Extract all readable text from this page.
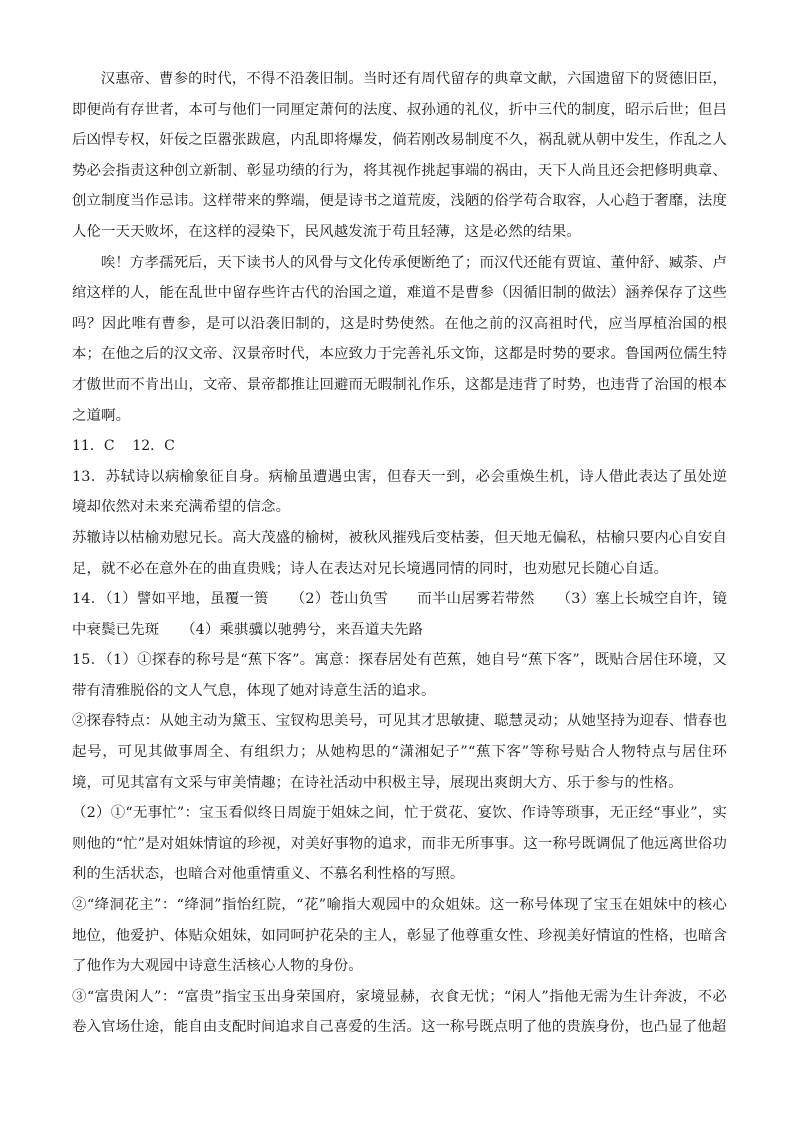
汉惠帝、曹参的时代，不得不沿袭旧制。当时还有周代留存的典章文献，六国遗留下的贤德旧臣，即便尚有存世者，本可与他们一同厘定萧何的法度、叔孙通的礼仪，折中三代的制度，昭示后世；但吕后凶悍专权，奸佞之臣嚣张跋扈，内乱即将爆发，倘若刚改易制度不久，祸乱就从朝中发生，作乱之人势必会指责这种创立新制、彰显功绩的行为，将其视作挑起事端的祸由，天下人尚且还会把修明典章、创立制度当作忌讳。这样带来的弊端，便是诗书之道荒废，浅陋的俗学苟合取容，人心趋于奢靡，法度人伦一天天败坏，在这样的浸染下，民风越发流于苟且轻薄，这是必然的结果。

唉！方孝孺死后，天下读书人的风骨与文化传承便断绝了；而汉代还能有贾谊、董仲舒、臧荼、卢绾这样的人，能在乱世中留存些许古代的治国之道，难道不是曹参（因循旧制的做法）涵养保存了这些吗？因此唯有曹参，是可以沿袭旧制的，这是时势使然。在他之前的汉高祖时代，应当厚植治国的根本；在他之后的汉文帝、汉景帝时代，本应致力于完善礼乐文饰，这都是时势的要求。鲁国两位儒生特才傲世而不肯出山，文帝、景帝都推让回避而无暇制礼作乐，这都是违背了时势，也违背了治国的根本之道啊。

11．C    12．C

13．苏轼诗以病榆象征自身。病榆虽遭遇虫害，但春天一到，必会重焕生机，诗人借此表达了虽处逆境却依然对未来充满希望的信念。

苏辙诗以枯榆劝慰兄长。高大茂盛的榆树，被秋风摧残后变枯萎，但天地无偏私，枯榆只要内心自安自足，就不必在意外在的曲直贵贱；诗人在表达对兄长境遇同情的同时，也劝慰兄长随心自适。

14．（1）譬如平地，虽覆一篑　　（2）苍山负雪　　而半山居雾若带然　　（3）塞上长城空自许，镜中衰鬓已先斑　　（4）乘骐骥以驰骋兮，来吾道夫先路

15．（1）①探春的称号是“蕉下客”。寓意：探春居处有芭蕉，她自号“蕉下客”，既贴合居住环境，又带有清雅脱俗的文人气息，体现了她对诗意生活的追求。

②探春特点：从她主动为黛玉、宝钗构思美号，可见其才思敏捷、聪慧灵动；从她坚持为迎春、惜春也起号，可见其做事周全、有组织力；从她构思的“潇湘妃子”“蕉下客”等称号贴合人物特点与居住环境，可见其富有文采与审美情趣；在诗社活动中积极主导，展现出爽朗大方、乐于参与的性格。

（2）①“无事忙”：宝玉看似终日周旋于姐妹之间，忙于赏花、宴饮、作诗等琐事，无正经“事业”，实则他的“忙”是对姐妹情谊的珍视，对美好事物的追求，而非无所事事。这一称号既调侃了他远离世俗功利的生活状态，也暗合对他重情重义、不慕名利性格的写照。

②“绛洞花主”：“绛洞”指怡红院，“花”喻指大观园中的众姐妹。这一称号体现了宝玉在姐妹中的核心地位，他爱护、体贴众姐妹，如同呵护花朵的主人，彰显了他尊重女性、珍视美好情谊的性格，也暗含了他作为大观园中诗意生活核心人物的身份。

③“富贵闲人”：“富贵”指宝玉出身荣国府，家境显赫，衣食无忧；“闲人”指他无需为生计奔波，不必卷入官场仕途，能自由支配时间追求自己喜爱的生活。这一称号既点明了他的贵族身份，也凸显了他超
